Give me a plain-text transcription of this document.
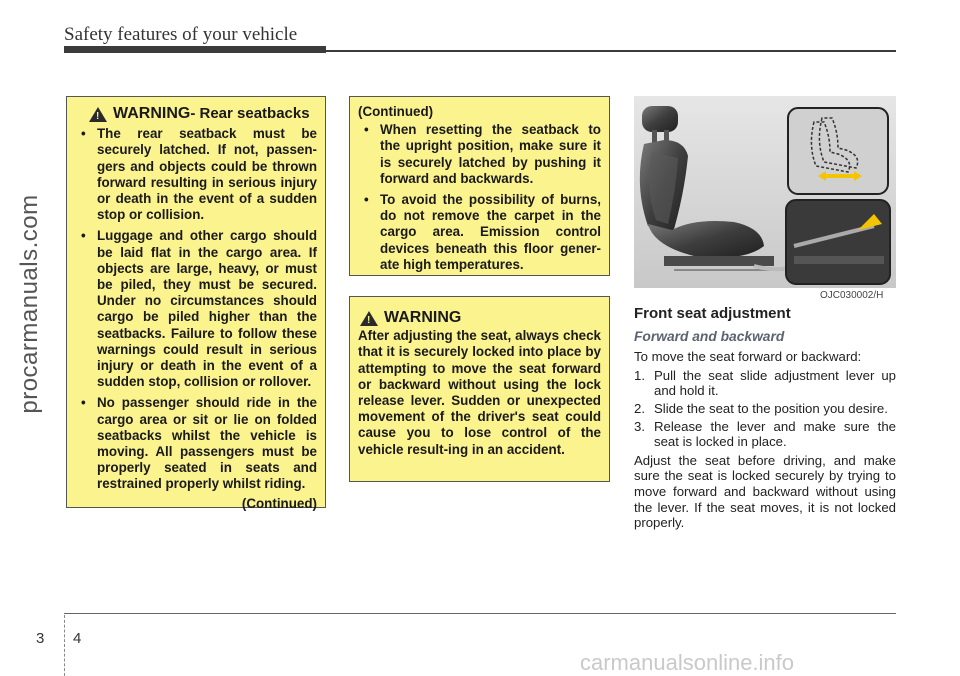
Safety features of your vehicle
procarmanuals.com
!
WARNING - Rear seatbacks
• The rear seatback must be securely latched. If not, passen-gers and objects could be thrown forward resulting in serious injury or death in the event of a sudden stop or collision.
• Luggage and other cargo should be laid flat in the cargo area. If objects are large, heavy, or must be piled, they must be secured. Under no circumstances should cargo be piled higher than the seatbacks. Failure to follow these warnings could result in serious injury or death in the event of a sudden stop, collision or rollover.
• No passenger should ride in the cargo area or sit or lie on folded seatbacks whilst the vehicle is moving. All passengers must be properly seated in seats and restrained properly whilst riding.
(Continued)
(Continued)
• When resetting the seatback to the upright position, make sure it is securely latched by pushing it forward and backwards.
• To avoid the possibility of burns, do not remove the carpet in the cargo area. Emission control devices beneath this floor gener-ate high temperatures.
!
WARNING
After adjusting the seat, always check that it is securely locked into place by attempting to move the seat forward or backward without using the lock release lever. Sudden or unexpected movement of the driver's seat could cause you to lose control of the vehicle result-ing in an accident.
OJC030002/H
Front seat adjustment
Forward and backward
To move the seat forward or backward:
1. Pull the seat slide adjustment lever up and hold it.
2. Slide the seat to the position you desire.
3. Release the lever and make sure the seat is locked in place.
Adjust the seat before driving, and make sure the seat is locked securely by trying to move forward and backward without using the lever. If the seat moves, it is not locked properly.
3 4
carmanualsonline.info
